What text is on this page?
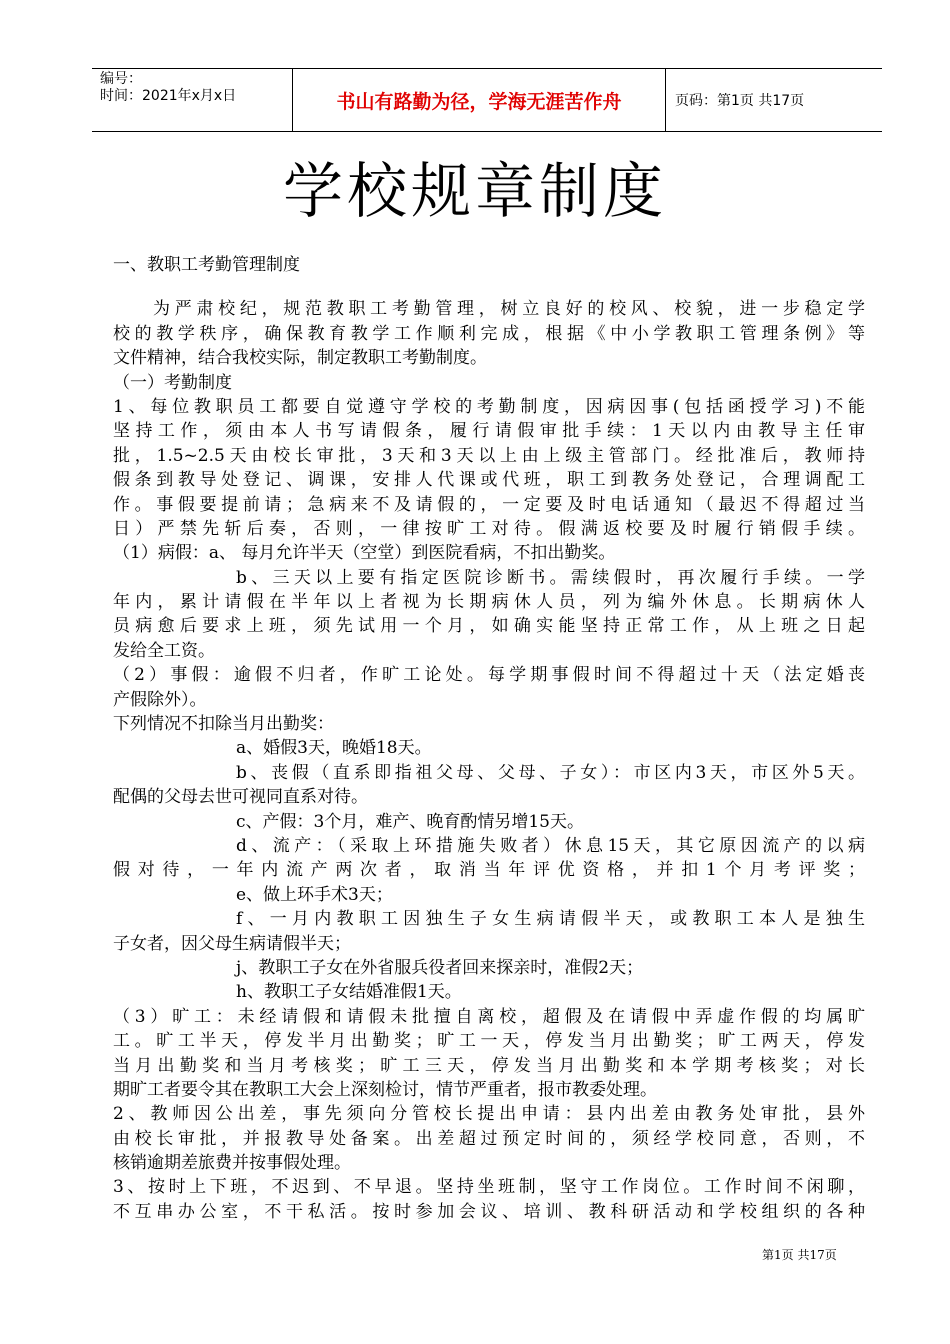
编号：
时间：2021年x月x日	书山有路勤为径，学海无涯苦作舟	页码：第1页 共17页
学校规章制度
一、教职工考勤管理制度
为严肃校纪，规范教职工考勤管理，树立良好的校风、校貌，进一步稳定学
校的教学秩序，确保教育教学工作顺利完成，根据《中小学教职工管理条例》等
文件精神，结合我校实际，制定教职工考勤制度。
（一）考勤制度
1、每位教职员工都要自觉遵守学校的考勤制度，因病因事(包括函授学习)不能
坚持工作，须由本人书写请假条，履行请假审批手续：1天以内由教导主任审
批，1.5~2.5天由校长审批，3天和3天以上由上级主管部门。经批准后，教师持
假条到教导处登记、调课，安排人代课或代班，职工到教务处登记，合理调配工
作。事假要提前请；急病来不及请假的，一定要及时电话通知（最迟不得超过当
日）严禁先斩后奏，否则，一律按旷工对待。假满返校要及时履行销假手续。
（1）病假：a、 每月允许半天（空堂）到医院看病，不扣出勤奖。
b、三天以上要有指定医院诊断书。需续假时，再次履行手续。一学
年内，累计请假在半年以上者视为长期病休人员，列为编外休息。长期病休人
员病愈后要求上班，须先试用一个月，如确实能坚持正常工作，从上班之日起
发给全工资。
（2）事假：逾假不归者，作旷工论处。每学期事假时间不得超过十天（法定婚丧
产假除外）。
下列情况不扣除当月出勤奖：
a、婚假3天，晚婚18天。
b、丧假（直系即指祖父母、父母、子女）：市区内3天，市区外5天。
配偶的父母去世可视同直系对待。
c、产假：3个月，难产、晚育酌情另增15天。
d、流产：（采取上环措施失败者）休息15天，其它原因流产的以病
假对待，一年内流产两次者，取消当年评优资格，并扣1个月考评奖；
e、做上环手术3天；
f、一月内教职工因独生子女生病请假半天，或教职工本人是独生
子女者，因父母生病请假半天；
j、教职工子女在外省服兵役者回来探亲时，准假2天；
h、教职工子女结婚准假1天。
（3）旷工：未经请假和请假未批擅自离校，超假及在请假中弄虚作假的均属旷
工。旷工半天，停发半月出勤奖；旷工一天，停发当月出勤奖；旷工两天，停发
当月出勤奖和当月考核奖；旷工三天，停发当月出勤奖和本学期考核奖；对长
期旷工者要令其在教职工大会上深刻检讨，情节严重者，报市教委处理。
2、教师因公出差，事先须向分管校长提出申请：县内出差由教务处审批，县外
由校长审批，并报教导处备案。出差超过预定时间的，须经学校同意，否则，不
核销逾期差旅费并按事假处理。
3、按时上下班，不迟到、不早退。坚持坐班制，坚守工作岗位。工作时间不闲聊，
不互串办公室，不干私活。按时参加会议、培训、教科研活动和学校组织的各种
第1页 共17页
